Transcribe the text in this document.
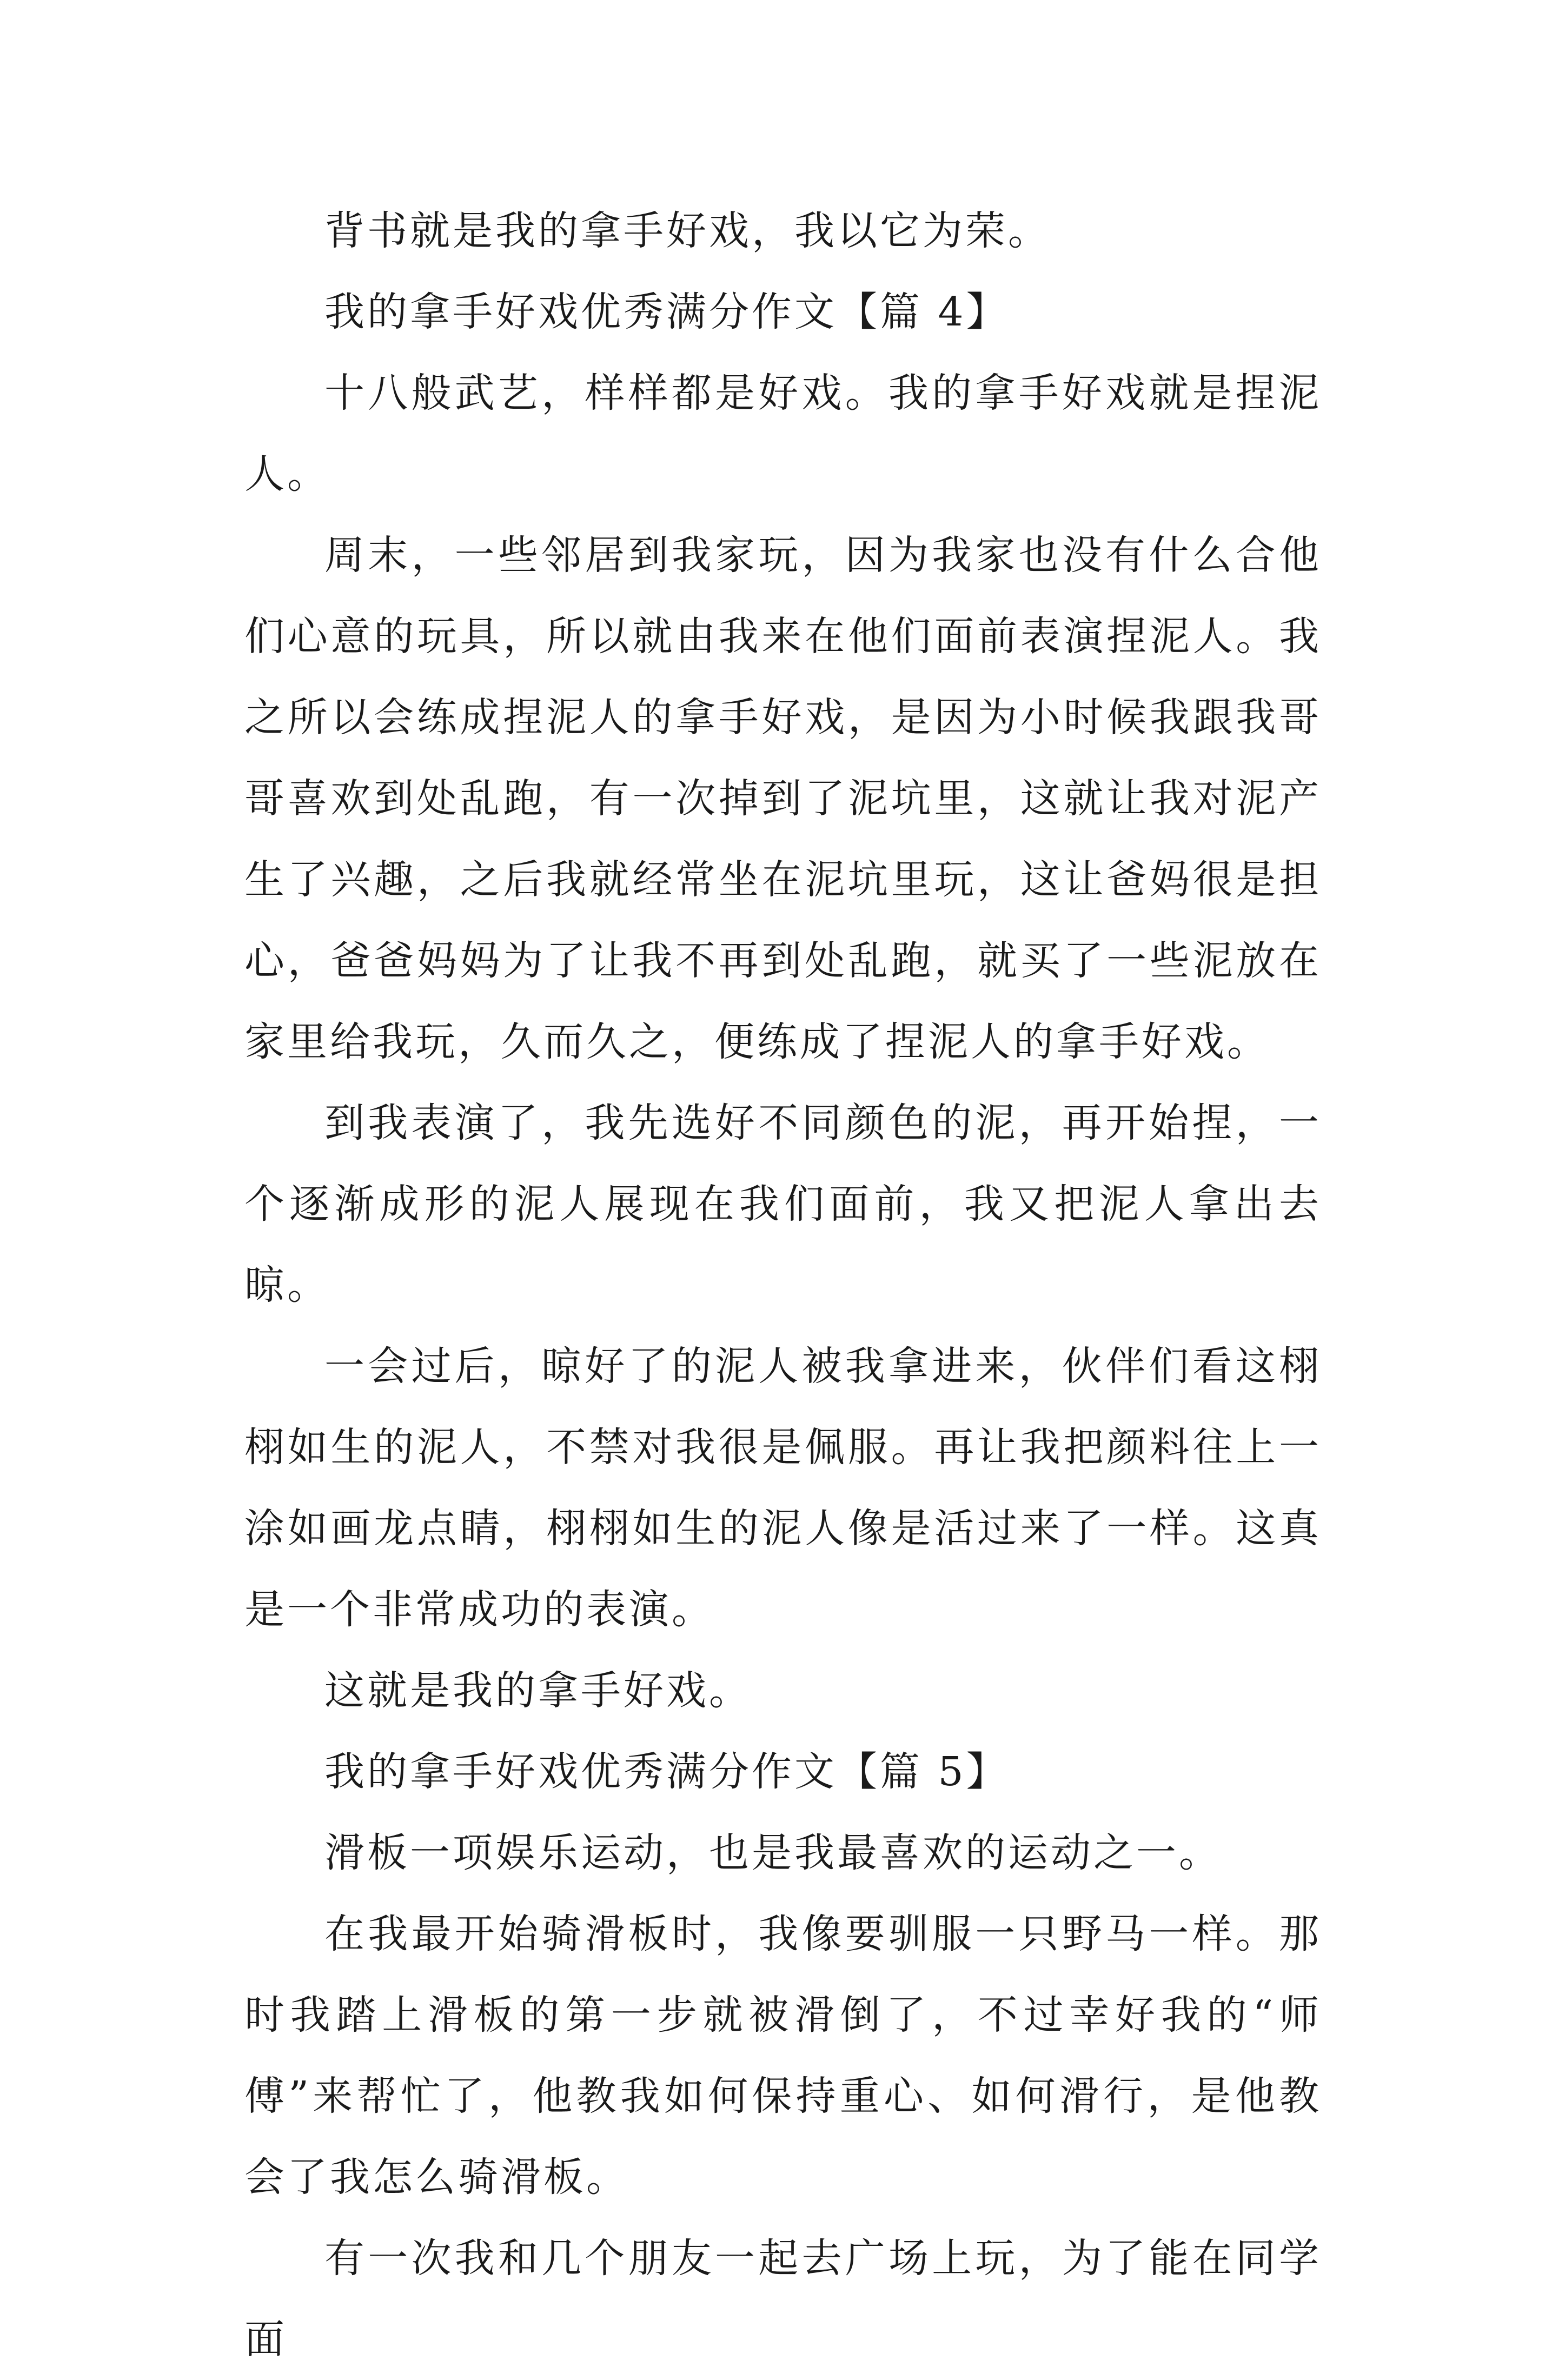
背书就是我的拿手好戏，我以它为荣。

我的拿手好戏优秀满分作文【篇 4】

十八般武艺，样样都是好戏。我的拿手好戏就是捏泥人。

周末，一些邻居到我家玩，因为我家也没有什么合他们心意的玩具，所以就由我来在他们面前表演捏泥人。我之所以会练成捏泥人的拿手好戏，是因为小时候我跟我哥哥喜欢到处乱跑，有一次掉到了泥坑里，这就让我对泥产生了兴趣，之后我就经常坐在泥坑里玩，这让爸妈很是担心，爸爸妈妈为了让我不再到处乱跑，就买了一些泥放在家里给我玩，久而久之，便练成了捏泥人的拿手好戏。

到我表演了，我先选好不同颜色的泥，再开始捏，一个逐渐成形的泥人展现在我们面前，我又把泥人拿出去晾。

一会过后，晾好了的泥人被我拿进来，伙伴们看这栩栩如生的泥人，不禁对我很是佩服。再让我把颜料往上一涂如画龙点睛，栩栩如生的泥人像是活过来了一样。这真是一个非常成功的表演。

这就是我的拿手好戏。

我的拿手好戏优秀满分作文【篇 5】

滑板一项娱乐运动，也是我最喜欢的运动之一。

在我最开始骑滑板时，我像要驯服一只野马一样。那时我踏上滑板的第一步就被滑倒了，不过幸好我的“师傅”来帮忙了，他教我如何保持重心、如何滑行，是他教会了我怎么骑滑板。

有一次我和几个朋友一起去广场上玩，为了能在同学面
